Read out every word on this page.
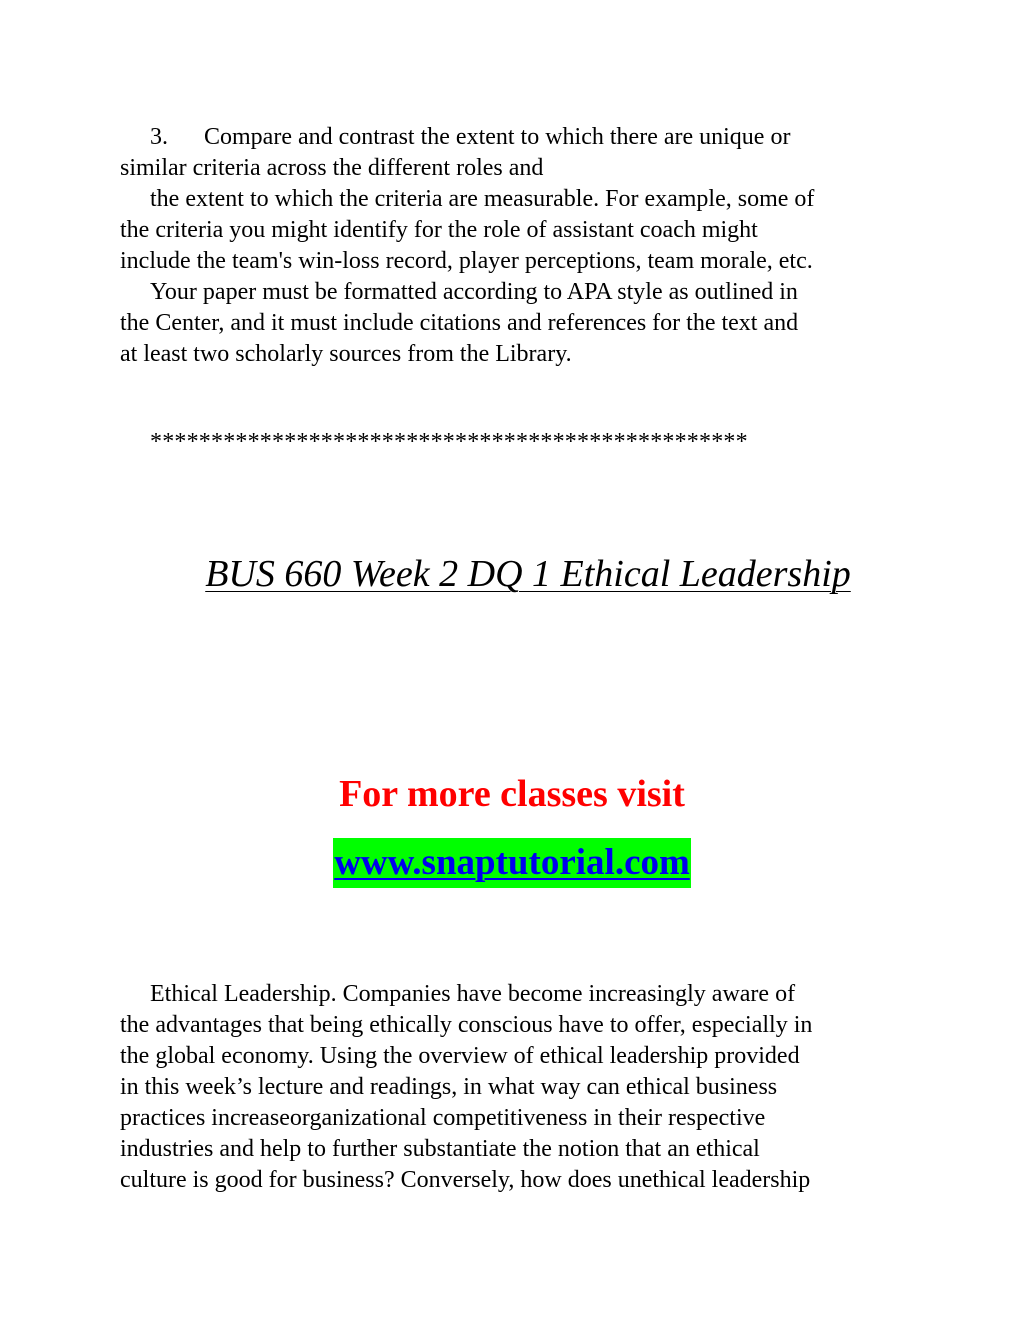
3. Compare and contrast the extent to which there are unique or

similar criteria across the different roles and

the extent to which the criteria are measurable. For example, some of

the criteria you might identify for the role of assistant coach might

include the team's win-loss record, player perceptions, team morale, etc.

Your paper must be formatted according to APA style as outlined in

the Center, and it must include citations and references for the text and

at least two scholarly sources from the Library.

*************************************************
BUS 660 Week 2 DQ 1 Ethical Leadership
For more classes visit
www.snaptutorial.com

Ethical Leadership. Companies have become increasingly aware of

the advantages that being ethically conscious have to offer, especially in

the global economy. Using the overview of ethical leadership provided

in this week’s lecture and readings, in what way can ethical business

practices increaseorganizational competitiveness in their respective

industries and help to further substantiate the notion that an ethical

culture is good for business? Conversely, how does unethical leadership
